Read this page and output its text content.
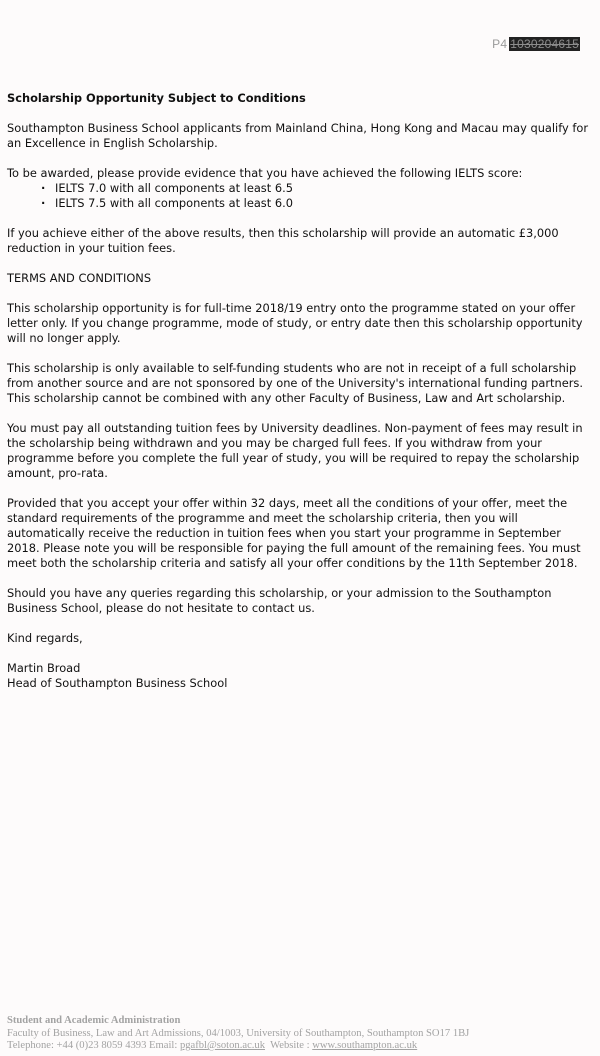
P4 1030204615

Scholarship Opportunity Subject to Conditions

Southampton Business School applicants from Mainland China, Hong Kong and Macau may qualify for an Excellence in English Scholarship.

To be awarded, please provide evidence that you have achieved the following IELTS score:

· IELTS 7.0 with all components at least 6.5
· IELTS 7.5 with all components at least 6.0

If you achieve either of the above results, then this scholarship will provide an automatic £3,000 reduction in your tuition fees.

TERMS AND CONDITIONS

This scholarship opportunity is for full-time 2018/19 entry onto the programme stated on your offer letter only. If you change programme, mode of study, or entry date then this scholarship opportunity will no longer apply.

This scholarship is only available to self-funding students who are not in receipt of a full scholarship from another source and are not sponsored by one of the University's international funding partners. This scholarship cannot be combined with any other Faculty of Business, Law and Art scholarship.

You must pay all outstanding tuition fees by University deadlines. Non-payment of fees may result in the scholarship being withdrawn and you may be charged full fees. If you withdraw from your programme before you complete the full year of study, you will be required to repay the scholarship amount, pro-rata.

Provided that you accept your offer within 32 days, meet all the conditions of your offer, meet the standard requirements of the programme and meet the scholarship criteria, then you will automatically receive the reduction in tuition fees when you start your programme in September 2018. Please note you will be responsible for paying the full amount of the remaining fees. You must meet both the scholarship criteria and satisfy all your offer conditions by the 11th September 2018.

Should you have any queries regarding this scholarship, or your admission to the Southampton Business School, please do not hesitate to contact us.

Kind regards,

Martin Broad
Head of Southampton Business School

Student and Academic Administration
Faculty of Business, Law and Art Admissions, 04/1003, University of Southampton, Southampton SO17 1BJ
Telephone: +44 (0)23 8059 4393 Email: pgafbl@soton.ac.uk  Website : www.southampton.ac.uk
